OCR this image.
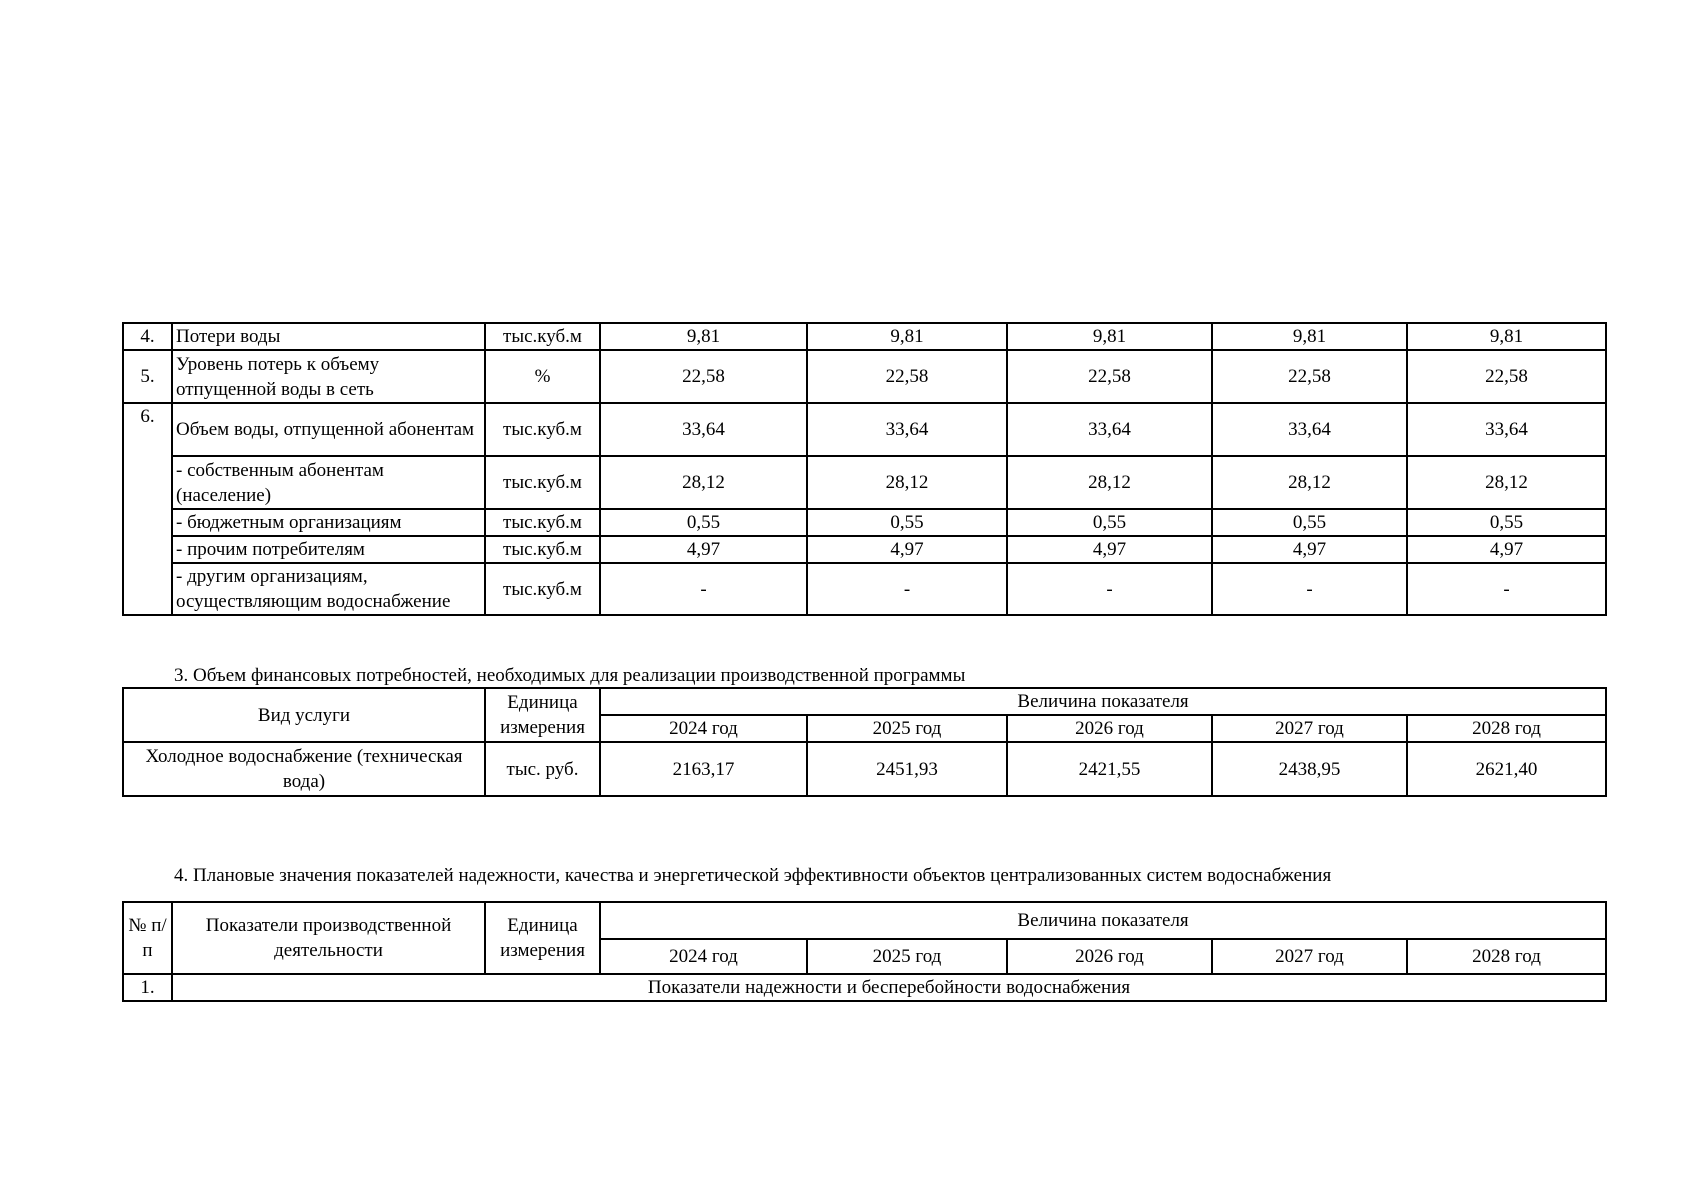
4.	Потери воды	тыс.куб.м	9,81	9,81	9,81	9,81	9,81
5.	Уровень потерь к объему отпущенной воды в сеть	%	22,58	22,58	22,58	22,58	22,58
6.	Объем воды, отпущенной абонентам	тыс.куб.м	33,64	33,64	33,64	33,64	33,64
	- собственным абонентам (население)	тыс.куб.м	28,12	28,12	28,12	28,12	28,12
	- бюджетным организациям	тыс.куб.м	0,55	0,55	0,55	0,55	0,55
	- прочим потребителям	тыс.куб.м	4,97	4,97	4,97	4,97	4,97
	- другим организациям, осуществляющим водоснабжение	тыс.куб.м	-	-	-	-	-
3. Объем финансовых потребностей, необходимых для реализации производственной программы
Вид услуги	Единица измерения	Величина показателя				
		2024 год	2025 год	2026 год	2027 год	2028 год
Холодное водоснабжение (техническая вода)	тыс. руб.	2163,17	2451,93	2421,55	2438,95	2621,40
4. Плановые значения показателей надежности, качества и энергетической эффективности объектов централизованных систем водоснабжения
№ п/п	Показатели производственной деятельности	Единица измерения	Величина показателя				
			2024 год	2025 год	2026 год	2027 год	2028 год
1.	Показатели надежности и бесперебойности водоснабжения						
